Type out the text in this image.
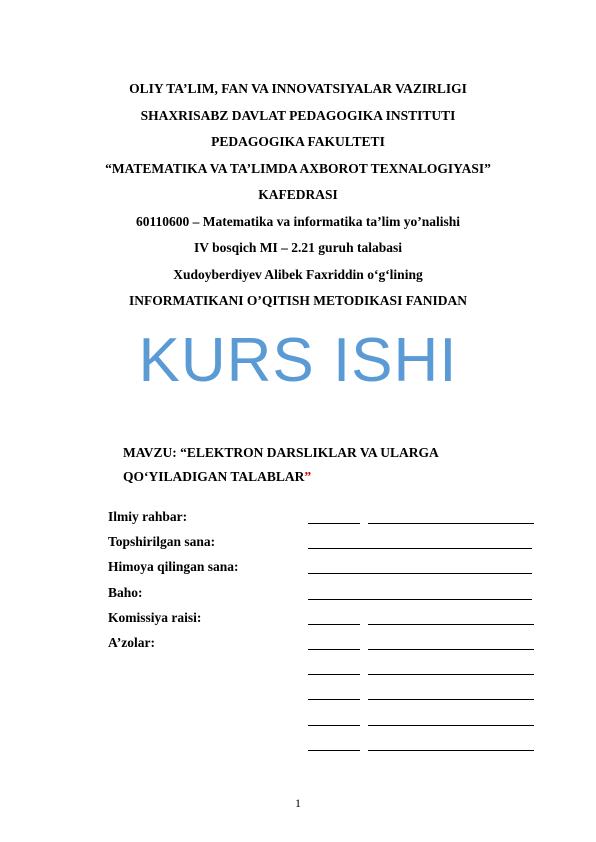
OLIY TA’LIM, FAN VA INNOVATSIYALAR VAZIRLIGI
SHAXRISABZ DAVLAT PEDAGOGIKA INSTITUTI
PEDAGOGIKA FAKULTETI
“MATEMATIKA VA TA’LIMDA AXBOROT TEXNALOGIYASI”
KAFEDRASI
60110600 – Matematika va informatika ta’lim yo’nalishi
IV bosqich MI – 2.21 guruh talabasi
Xudoyberdiyev Alibek Faxriddin o‘g‘lining
INFORMATIKANI O’QITISH METODIKASI FANIDAN
KURS ISHI
MAVZU: “ELEKTRON DARSLIKLAR VA ULARGA
QO‘YILADIGAN TALABLAR”
Ilmiy rahbar:
Topshirilgan sana:
Himoya qilingan sana:
Baho:
Komissiya raisi:
A’zolar:
1
